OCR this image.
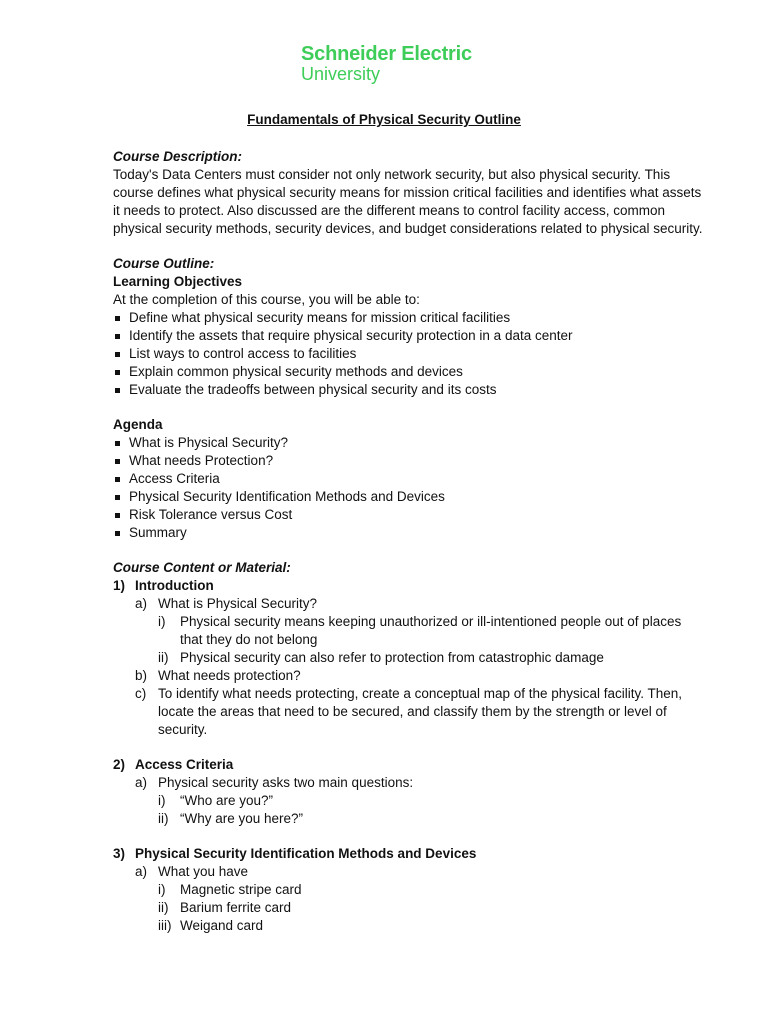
Schneider Electric
University
Fundamentals of Physical Security Outline
Course Description:
Today's Data Centers must consider not only network security, but also physical security. This
course defines what physical security means for mission critical facilities and identifies what assets
it needs to protect. Also discussed are the different means to control facility access, common
physical security methods, security devices, and budget considerations related to physical security.
Course Outline:
Learning Objectives
At the completion of this course, you will be able to:
Define what physical security means for mission critical facilities
Identify the assets that require physical security protection in a data center
List ways to control access to facilities
Explain common physical security methods and devices
Evaluate the tradeoffs between physical security and its costs
Agenda
What is Physical Security?
What needs Protection?
Access Criteria
Physical Security Identification Methods and Devices
Risk Tolerance versus Cost
Summary
Course Content or Material:
1) Introduction
a) What is Physical Security?
i) Physical security means keeping unauthorized or ill-intentioned people out of places
that they do not belong
ii) Physical security can also refer to protection from catastrophic damage
b) What needs protection?
c) To identify what needs protecting, create a conceptual map of the physical facility. Then,
locate the areas that need to be secured, and classify them by the strength or level of
security.
2) Access Criteria
a) Physical security asks two main questions:
i) “Who are you?”
ii) “Why are you here?”
3) Physical Security Identification Methods and Devices
a) What you have
i) Magnetic stripe card
ii) Barium ferrite card
iii) Weigand card
